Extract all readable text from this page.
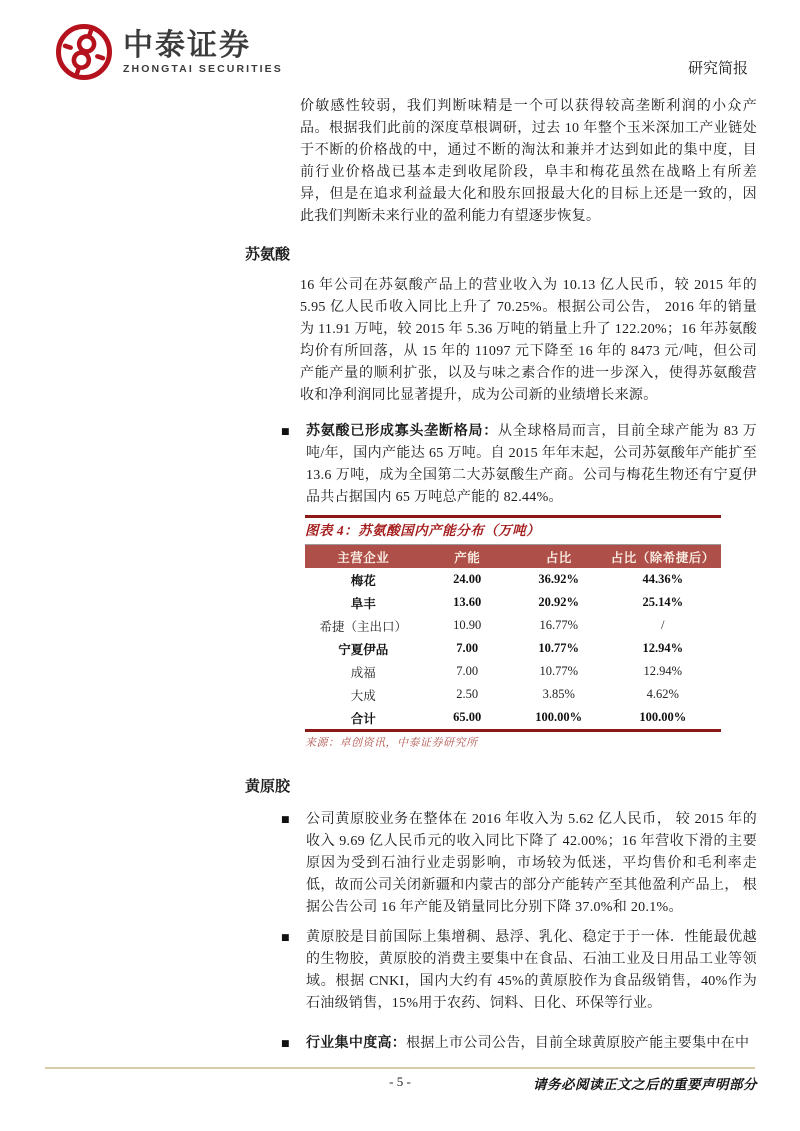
中泰证券
ZHONGTAI SECURITIES	研究简报

价敏感性较弱，我们判断味精是一个可以获得较高垄断利润的小众产品。根据我们此前的深度草根调研，过去 10 年整个玉米深加工产业链处于不断的价格战的中，通过不断的淘汰和兼并才达到如此的集中度，目前行业价格战已基本走到收尾阶段，阜丰和梅花虽然在战略上有所差异，但是在追求利益最大化和股东回报最大化的目标上还是一致的，因此我们判断未来行业的盈利能力有望逐步恢复。

苏氨酸

16 年公司在苏氨酸产品上的营业收入为 10.13 亿人民币，较 2015 年的 5.95 亿人民币收入同比上升了 70.25%。根据公司公告， 2016 年的销量为 11.91 万吨，较 2015 年 5.36 万吨的销量上升了 122.20%；16 年苏氨酸均价有所回落，从 15 年的 11097 元下降至 16 年的 8473 元/吨，但公司产能产量的顺利扩张，以及与味之素合作的进一步深入，使得苏氨酸营收和净利润同比显著提升，成为公司新的业绩增长来源。

■	苏氨酸已形成寡头垄断格局：从全球格局而言，目前全球产能为 83 万吨/年，国内产能达 65 万吨。自 2015 年年末起，公司苏氨酸年产能扩至 13.6 万吨，成为全国第二大苏氨酸生产商。公司与梅花生物还有宁夏伊品共占据国内 65 万吨总产能的 82.44%。

图表 4：苏氨酸国内产能分布（万吨）
主营企业	产能	占比	占比（除希捷后）
梅花	24.00	36.92%	44.36%
阜丰	13.60	20.92%	25.14%
希捷（主出口）	10.90	16.77%	/
宁夏伊品	7.00	10.77%	12.94%
成福	7.00	10.77%	12.94%
大成	2.50	3.85%	4.62%
合计	65.00	100.00%	100.00%
来源：卓创资讯，中泰证券研究所
黄原胶
■	公司黄原胶业务在整体在 2016 年收入为 5.62 亿人民币， 较 2015 年的收入 9.69 亿人民币元的收入同比下降了 42.00%；16 年营收下滑的主要原因为受到石油行业走弱影响，市场较为低迷，平均售价和毛利率走低，故而公司关闭新疆和内蒙古的部分产能转产至其他盈利产品上， 根据公告公司 16 年产能及销量同比分别下降 37.0%和 20.1%。

■	黄原胶是目前国际上集增稠、悬浮、乳化、稳定于于一体．性能最优越的生物胶，黄原胶的消费主要集中在食品、石油工业及日用品工业等领域。根据 CNKI，国内大约有 45%的黄原胶作为食品级销售，40%作为石油级销售，15%用于农药、饲料、日化、环保等行业。

■	行业集中度高：根据上市公司公告，目前全球黄原胶产能主要集中在中

- 5 -	请务必阅读正文之后的重要声明部分
